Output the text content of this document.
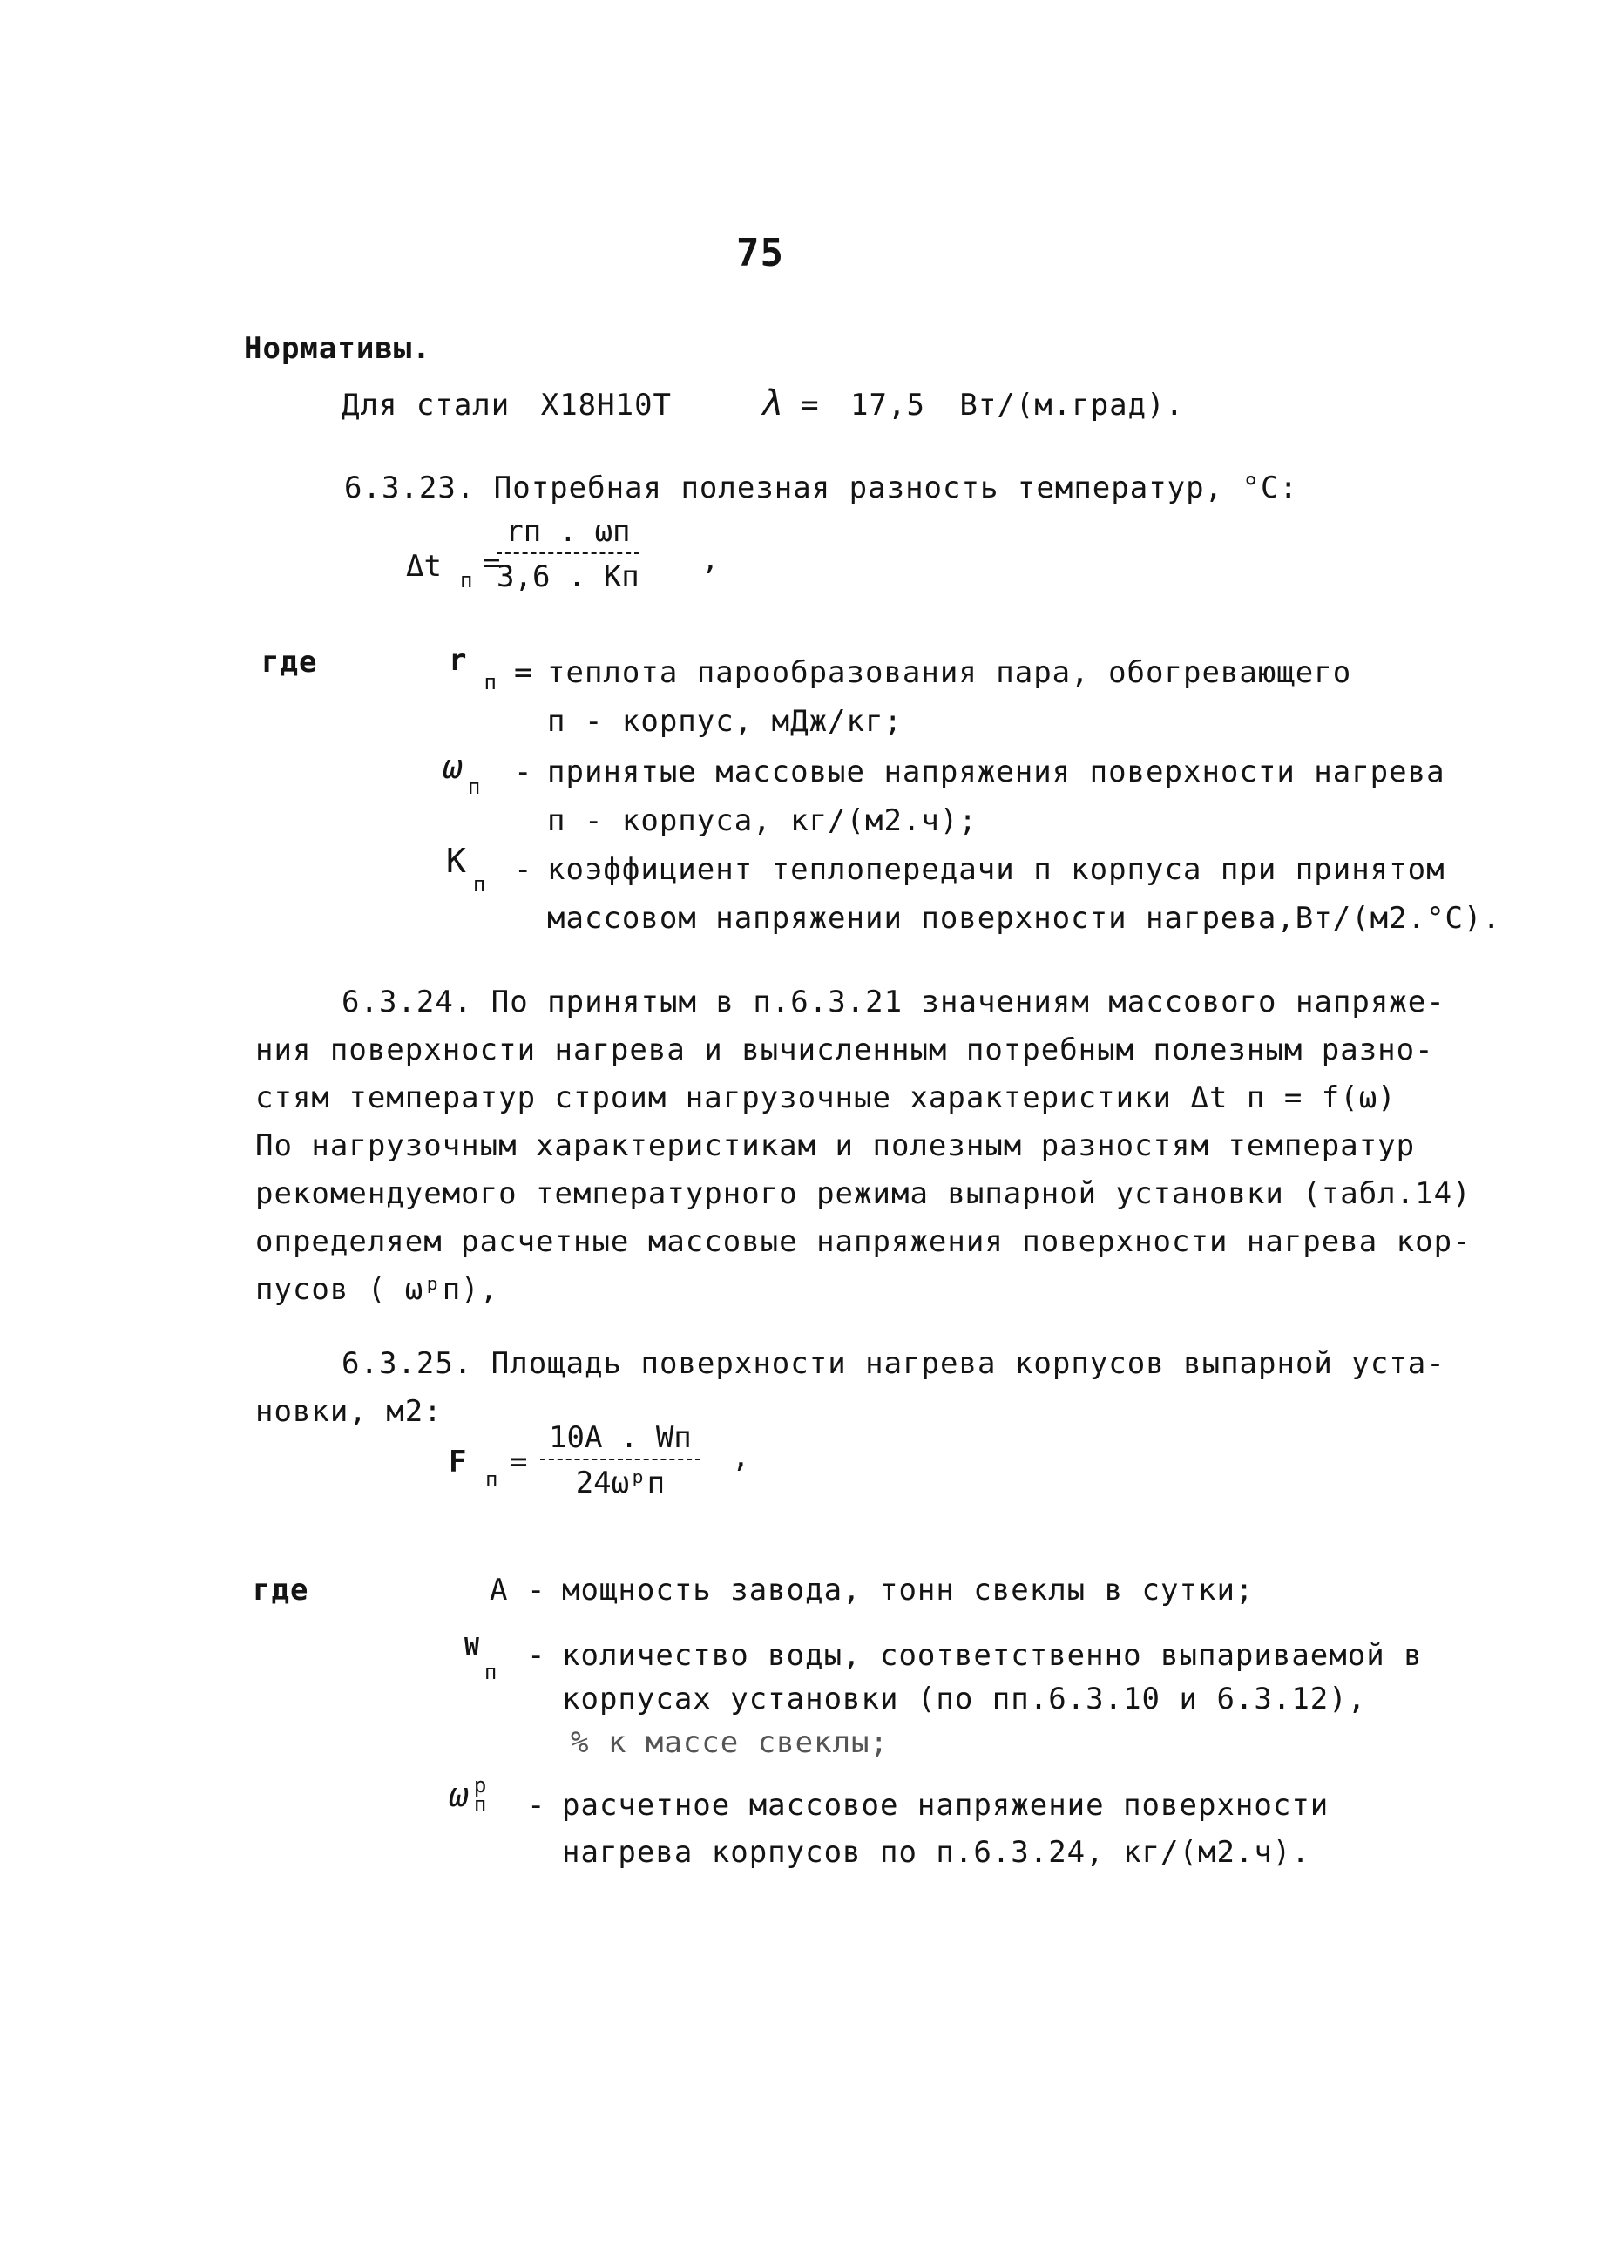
75
Нормативы.
Для стали Х18Н10Т	λ = 17,5 Вт/(м.град).
6.3.23. Потребная полезная разность температур, °С:
Δt п =
rп . ωп
3,6 . Кп ,
где	$r_п$ = теплота парообразования пара, обогревающего
п - корпус, мДж/кг;
$\omega_п$ - принятые массовые напряжения поверхности нагрева
п - корпуса, кг/(м2.ч);
$К_п$ - коэффициент теплопередачи п корпуса при принятом
массовом напряжении поверхности нагрева,Вт/(м2.°С).
6.3.24. По принятым в п.6.3.21 значениям массового напряже-
ния поверхности нагрева и вычисленным потребным полезным разно-
стям температур строим нагрузочные характеристики Δt п = f(ω)
По нагрузочным характеристикам и полезным разностям температур
рекомендуемого температурного режима выпарной установки (табл.14)
определяем расчетные массовые напряжения поверхности нагрева кор-
пусов ( ωᵖп),
6.3.25. Площадь поверхности нагрева корпусов выпарной уста-
новки, м2:
F п =
10А . Wп
24ωᵖп
,
где	А - мощность завода, тонн свеклы в сутки;
$W_п$ - количество воды, соответственно выпариваемой в
корпусах установки (по пп.6.3.10 и 6.3.12),
% к массе свеклы;
ω р
п - расчетное массовое напряжение поверхности
нагрева корпусов по п.6.3.24, кг/(м2.ч).
